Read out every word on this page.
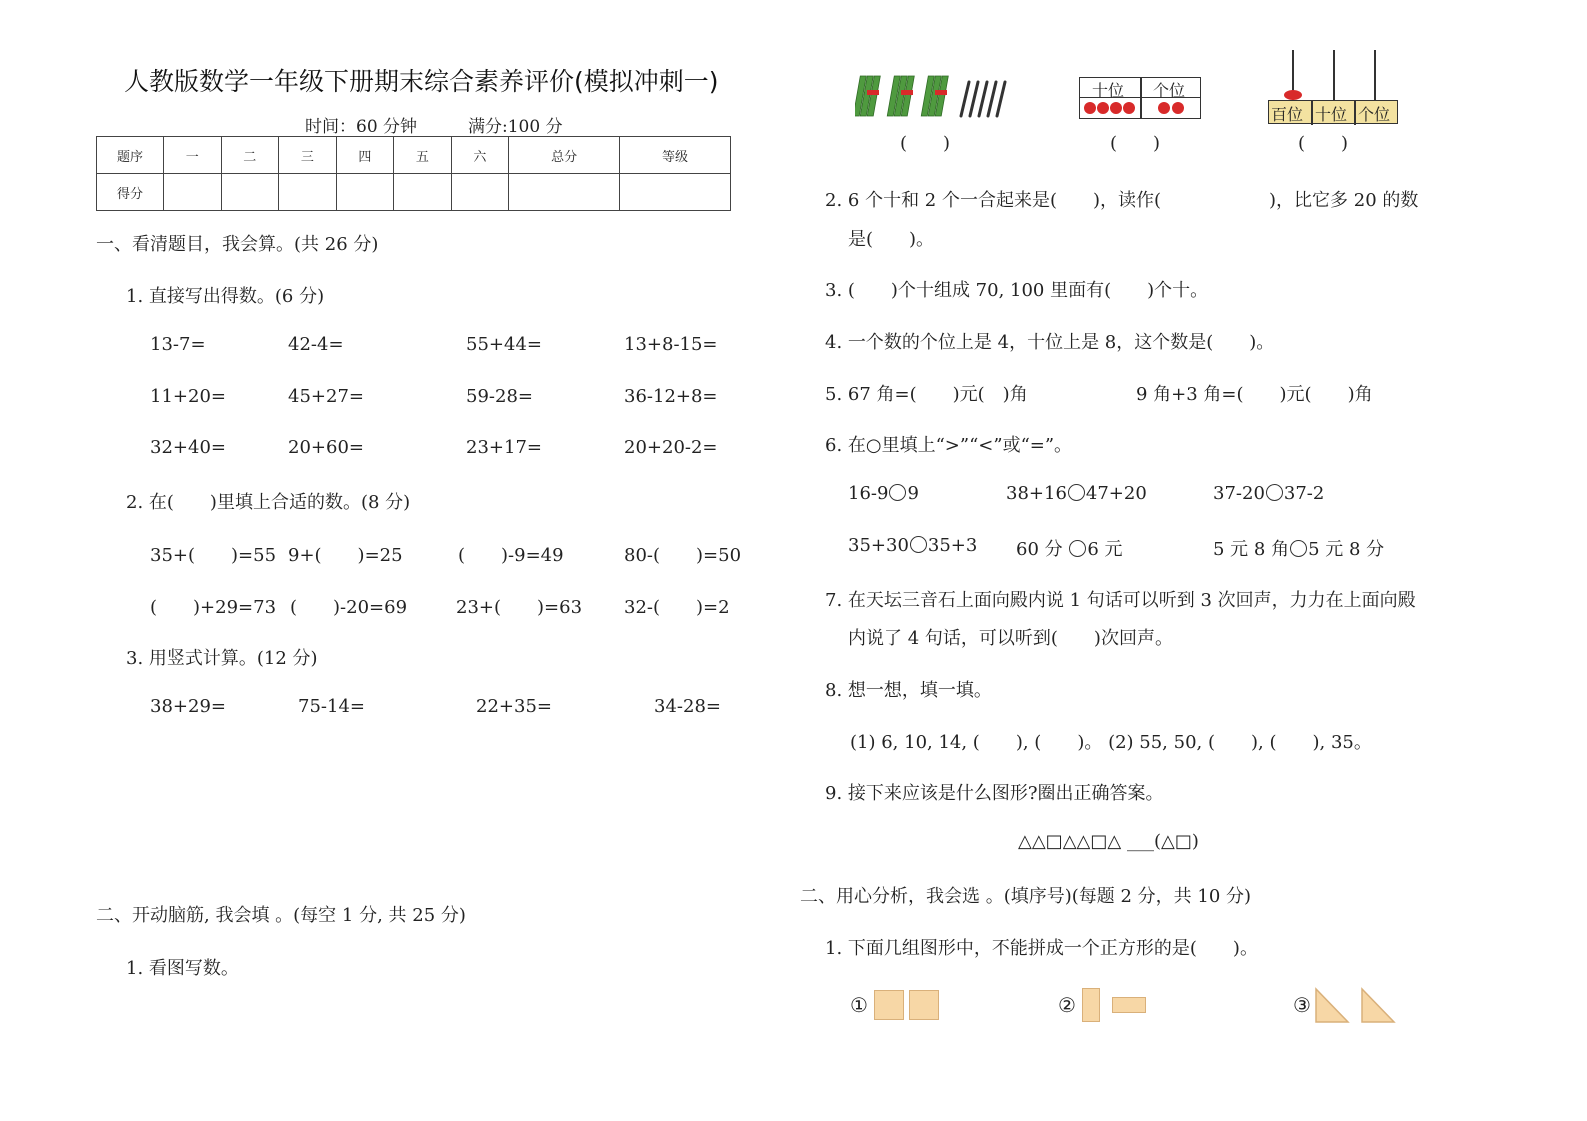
人教版数学一年级下册期末综合素养评价(模拟冲刺一)
时间：60 分钟	满分:100 分
题序	一	二	三	四	五	六	总分	等级
得分								
一、看清题目，我会算。(共 26 分)
1. 直接写出得数。(6 分)
13-7=	42-4=	55+44=	13+8-15=
11+20=	45+27=	59-28=	36-12+8=
32+40=	20+60=	23+17=	20+20-2=
2. 在(　　)里填上合适的数。(8 分)
35+(　　)=55 9+(　　)=25	(　　)-9=49	80-(　　)=50
(　　)+29=73 (　　)-20=69	23+(　　)=63 32-(　　)=2
3. 用竖式计算。(12 分)
38+29=	75-14=	22+35=	34-28=
二、开动脑筋, 我会填 。(每空 1 分, 共 25 分)
1. 看图写数。
(　　)
十位 个位
(　　)
百位 十位 个位
(　　)
2. 6 个十和 2 个一合起来是(　　)，读作(　　　　　　)，比它多 20 的数
是(　　)。
3. (　　)个十组成 70, 100 里面有(　　)个十。
4. 一个数的个位上是 4，十位上是 8，这个数是(　　)。
5. 67 角=(　　)元(　)角	9 角+3 角=(　　)元(　　)角
6. 在○里填上“>”“<”或“=”。
16-9 9	38+16 47+20	37-20 37-2
35+30 35+3 60 分 6 元	5 元 8 角 5 元 8 分
7. 在天坛三音石上面向殿内说 1 句话可以听到 3 次回声，力力在上面向殿
内说了 4 句话，可以听到(　　)次回声。
8. 想一想，填一填。
(1) 6, 10, 14, (　　), (　　)。 (2) 55, 50, (　　), (　　), 35。
9. 接下来应该是什么图形?圈出正确答案。
△△□△△□△ ___(△□)
二、用心分析，我会选 。(填序号)(每题 2 分，共 10 分)
1. 下面几组图形中，不能拼成一个正方形的是(　　)。
①	②	③
